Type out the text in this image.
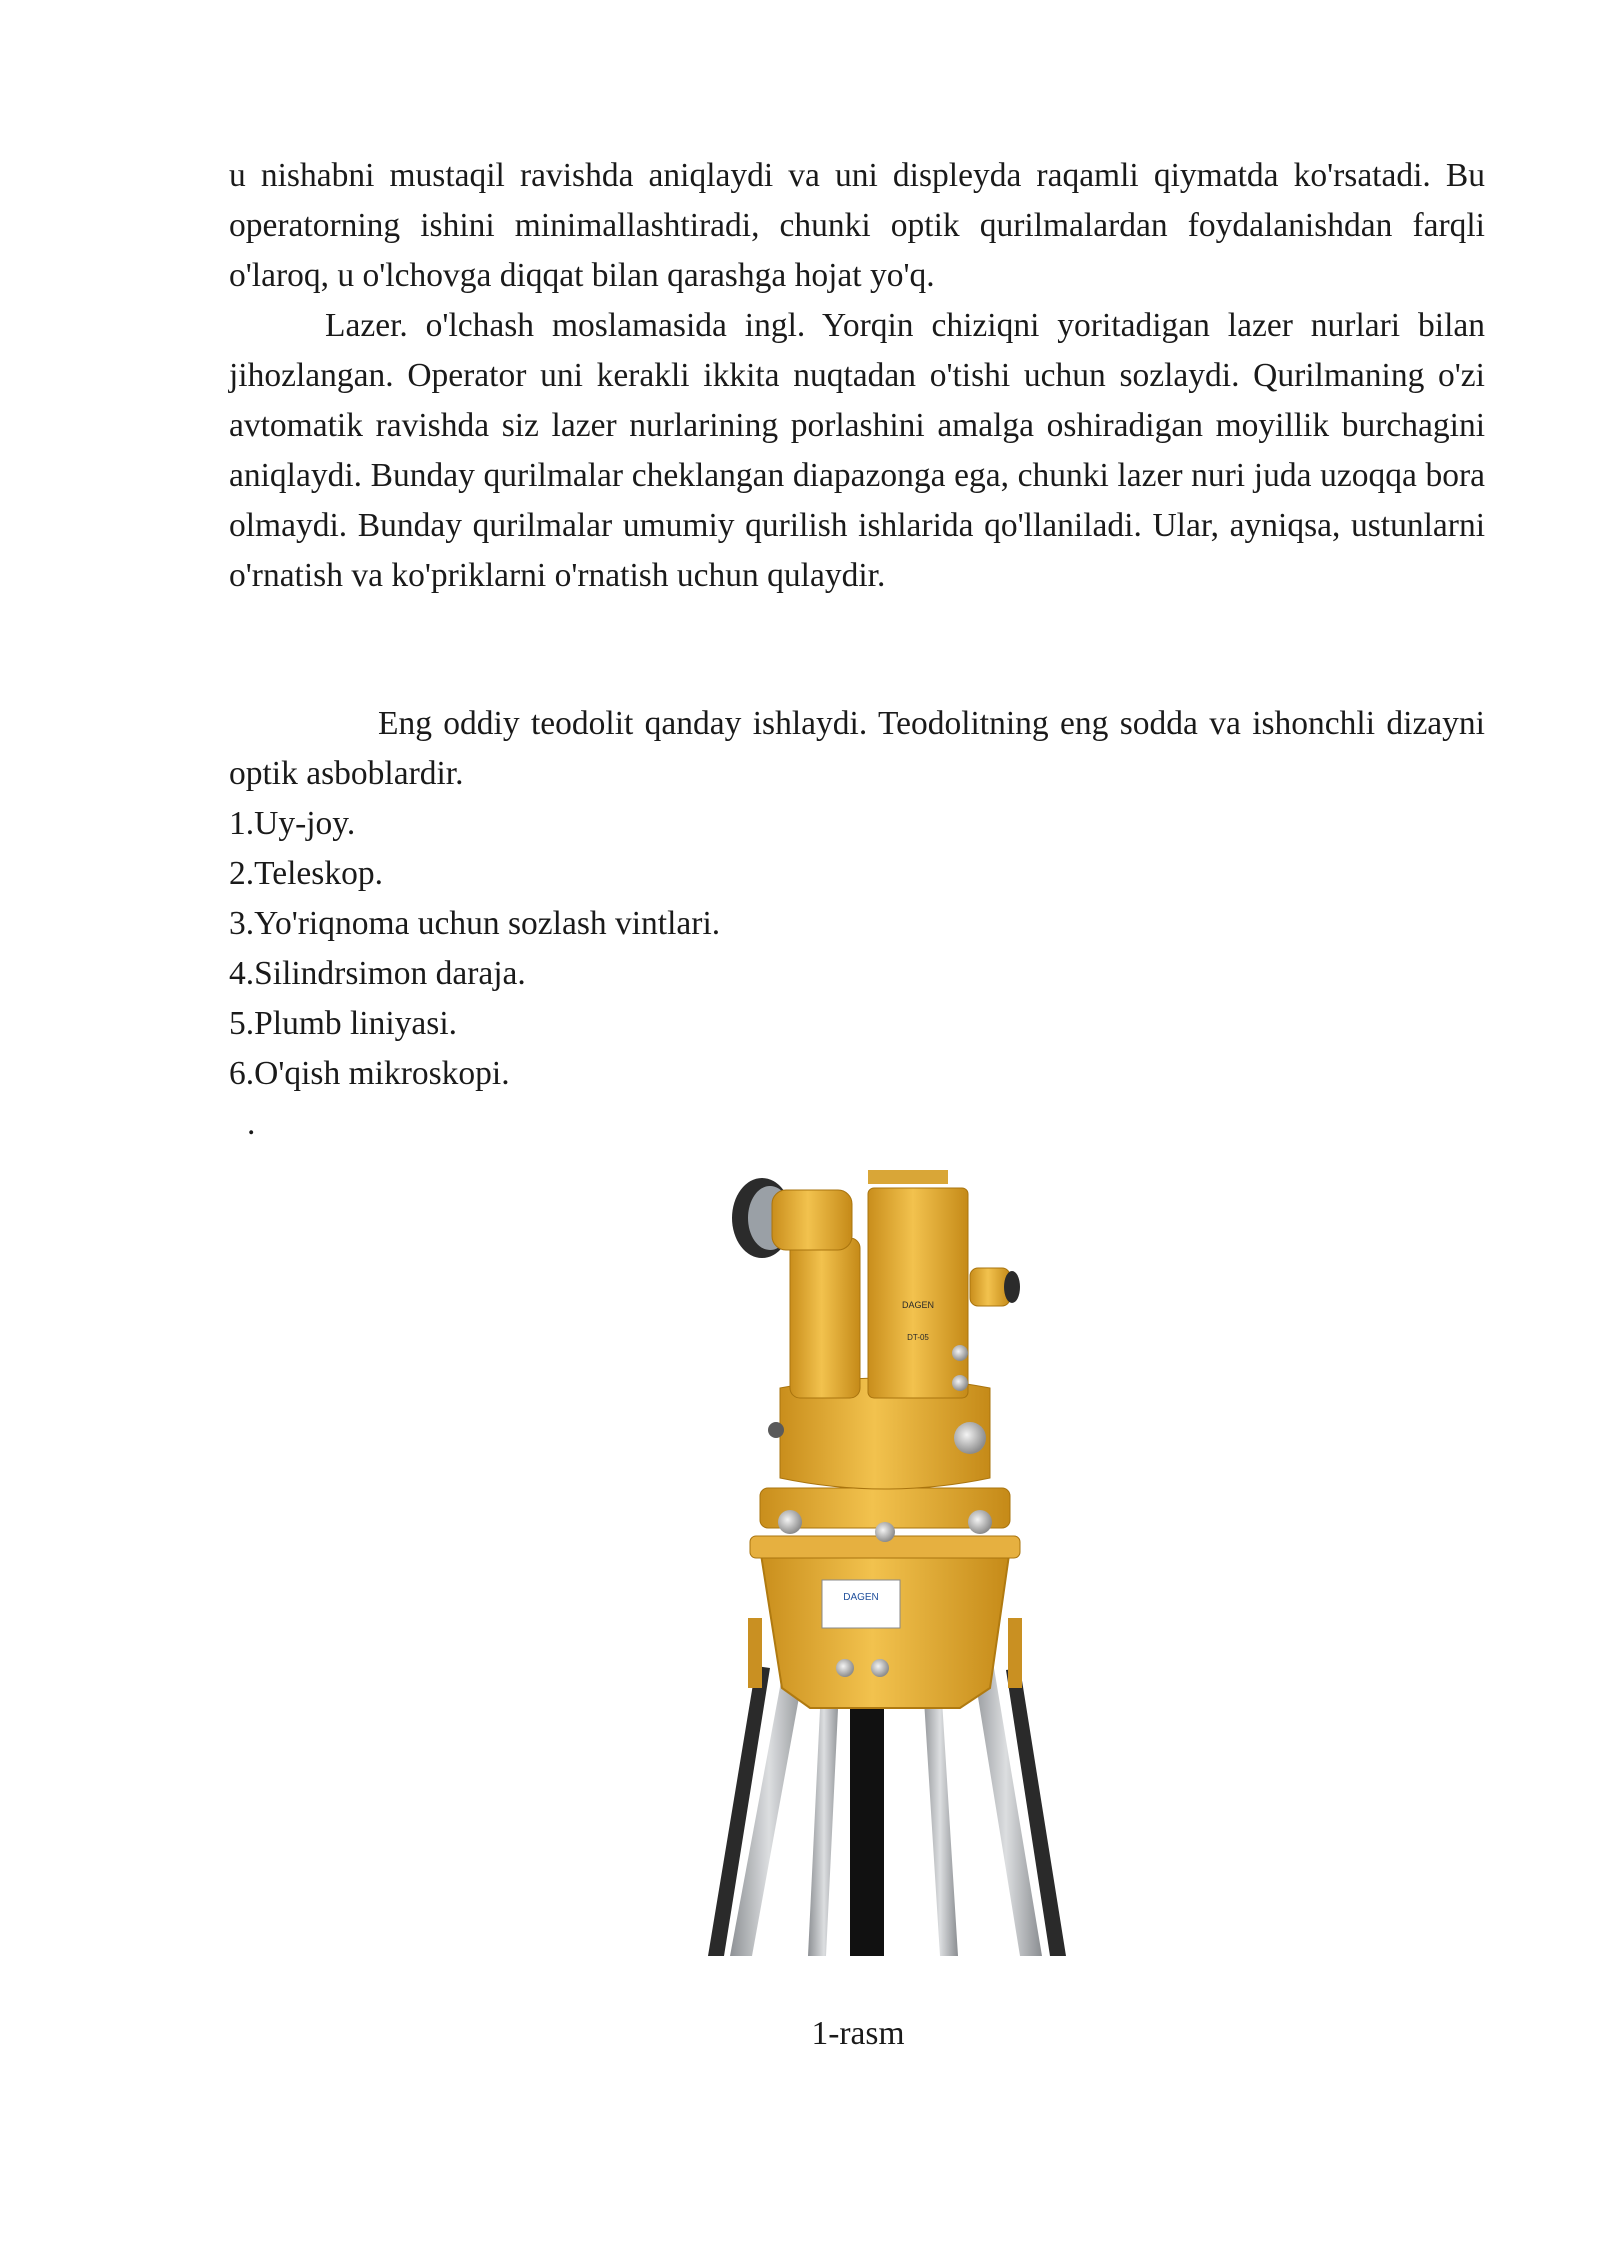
u nishabni mustaqil ravishda aniqlaydi va uni displeyda raqamli qiymatda ko'rsatadi. Bu operatorning ishini minimallashtiradi, chunki optik qurilmalardan foydalanishdan farqli o'laroq, u o'lchovga diqqat bilan qarashga hojat yo'q.
Lazer. o'lchash moslamasida ingl. Yorqin chiziqni yoritadigan lazer nurlari bilan jihozlangan. Operator uni kerakli ikkita nuqtadan o'tishi uchun sozlaydi. Qurilmaning o'zi avtomatik ravishda siz lazer nurlarining porlashini amalga oshiradigan moyillik burchagini aniqlaydi. Bunday qurilmalar cheklangan diapazonga ega, chunki lazer nuri juda uzoqqa bora olmaydi. Bunday qurilmalar umumiy qurilish ishlarida qo'llaniladi. Ular, ayniqsa, ustunlarni o'rnatish va ko'priklarni o'rnatish uchun qulaydir.
Eng oddiy teodolit qanday ishlaydi. Teodolitning eng sodda va ishonchli dizayni optik asboblardir.
1.Uy-joy.
2.Teleskop.
3.Yo'riqnoma uchun sozlash vintlari.
4.Silindrsimon daraja.
5.Plumb liniyasi.
6.O'qish mikroskopi.
.
DAGEN
DAGEN
DT-05
1-rasm
